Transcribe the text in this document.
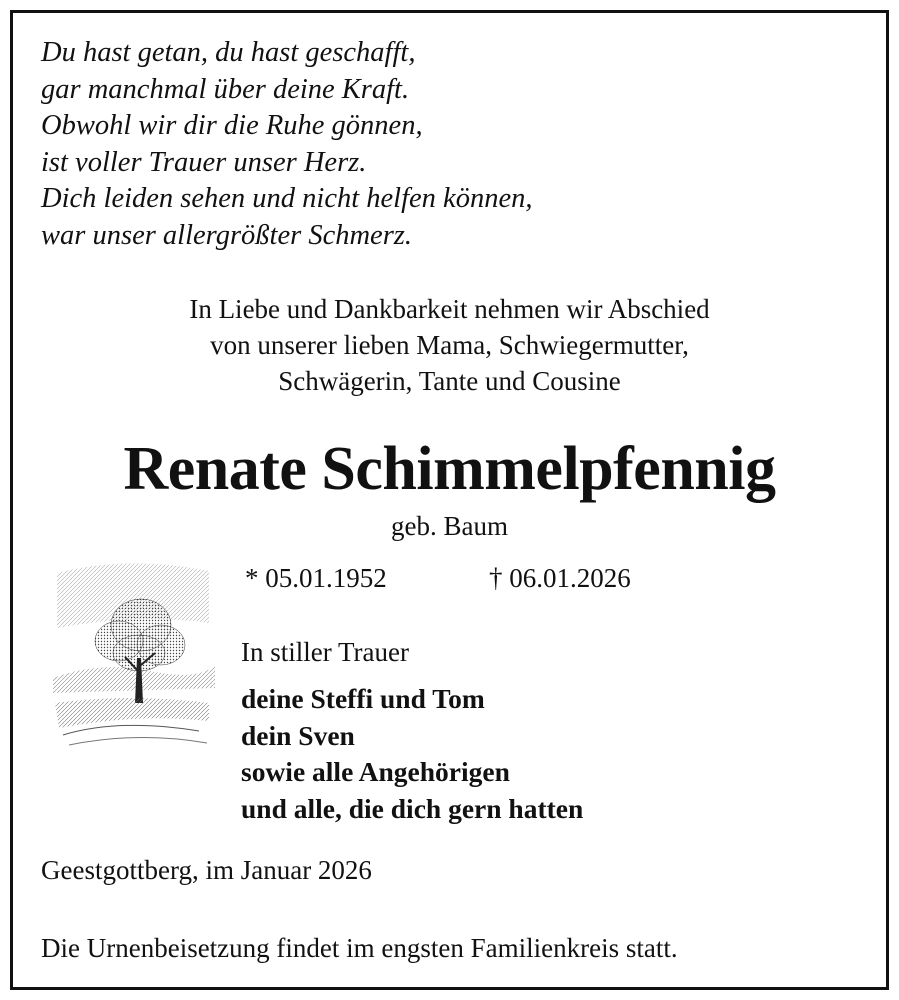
Du hast getan, du hast geschafft,
gar manchmal über deine Kraft.
Obwohl wir dir die Ruhe gönnen,
ist voller Trauer unser Herz.
Dich leiden sehen und nicht helfen können,
war unser allergrößter Schmerz.
In Liebe und Dankbarkeit nehmen wir Abschied
von unserer lieben Mama, Schwiegermutter,
Schwägerin, Tante und Cousine
Renate Schimmelpfennig
geb. Baum
* 05.01.1952	† 06.01.2026
In stiller Trauer
deine Steffi und Tom
dein Sven
sowie alle Angehörigen
und alle, die dich gern hatten
Geestgottberg, im Januar 2026
Die Urnenbeisetzung findet im engsten Familienkreis statt.
